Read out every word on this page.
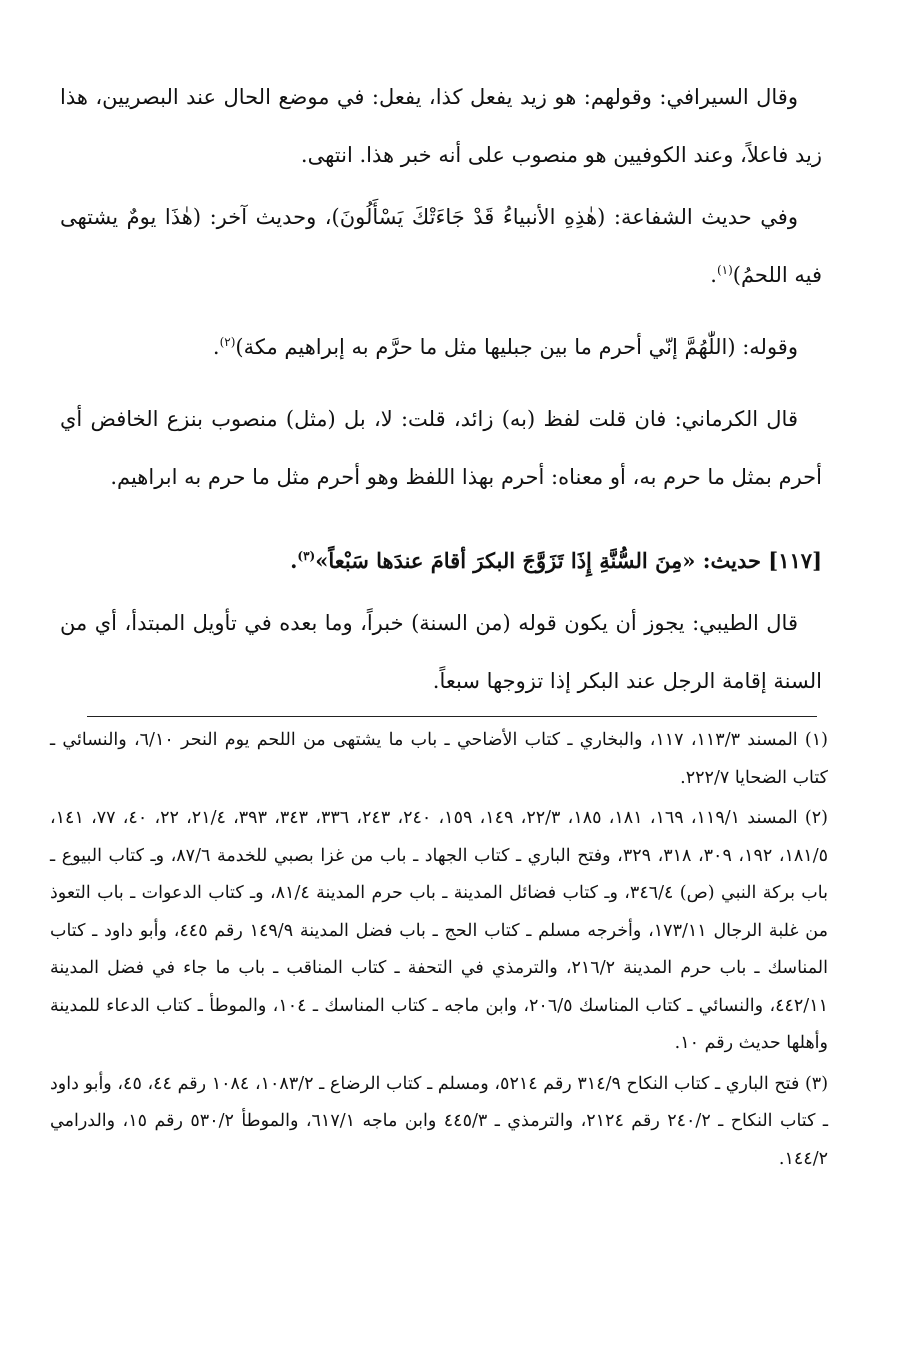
وقال السيرافي: وقولهم: هو زيد يفعل كذا، يفعل: في موضع الحال عند البصريين، هذا زيد فاعلاً، وعند الكوفيين هو منصوب على أنه خبر هذا. انتهى.

وفي حديث الشفاعة: (هٰذِهِ الأنبياءُ قَدْ جَاءَتْكَ يَسْأَلُونَ)، وحديث آخر: (هٰذَا يومٌ يشتهى فيه اللحمُ)$^{(١)}$.

وقوله: (اللّٰهُمَّ إنّي أحرم ما بين جبليها مثل ما حرَّم به إبراهيم مكة)$^{(٢)}$.

قال الكرماني: فان قلت لفظ (به) زائد، قلت: لا، بل (مثل) منصوب بنزع الخافض أي أحرم بمثل ما حرم به، أو معناه: أحرم بهذا اللفظ وهو أحرم مثل ما حرم به ابراهيم.

[١١٧] حديث: «مِنَ السُّنَّةِ إِذَا تَزَوَّجَ البكرَ أقامَ عندَها سَبْعاً»$^{(٣)}$.

قال الطيبي: يجوز أن يكون قوله (من السنة) خبراً، وما بعده في تأويل المبتدأ، أي من السنة إقامة الرجل عند البكر إذا تزوجها سبعاً.

(١) المسند ١١٣/٣، ١١٧، والبخاري ـ كتاب الأضاحي ـ باب ما يشتهى من اللحم يوم النحر ٦/١٠، والنسائي ـ كتاب الضحايا ٢٢٢/٧.

(٢) المسند ١١٩/١، ١٦٩، ١٨١، ١٨٥، ٢٢/٣، ١٤٩، ١٥٩، ٢٤٠، ٢٤٣، ٣٣٦، ٣٤٣، ٣٩٣، ٢١/٤، ٢٢، ٤٠، ٧٧، ١٤١، ١٨١/٥، ١٩٢، ٣٠٩، ٣١٨، ٣٢٩، وفتح الباري ـ كتاب الجهاد ـ باب من غزا بصبي للخدمة ٨٧/٦، وـ كتاب البيوع ـ باب بركة النبي (ص) ٣٤٦/٤، وـ كتاب فضائل المدينة ـ باب حرم المدينة ٨١/٤، وـ كتاب الدعوات ـ باب التعوذ من غلبة الرجال ١٧٣/١١، وأخرجه مسلم ـ كتاب الحج ـ باب فضل المدينة ١٤٩/٩ رقم ٤٤٥، وأبو داود ـ كتاب المناسك ـ باب حرم المدينة ٢١٦/٢، والترمذي في التحفة ـ كتاب المناقب ـ باب ما جاء في فضل المدينة ٤٤٢/١١، والنسائي ـ كتاب المناسك ٢٠٦/٥، وابن ماجه ـ كتاب المناسك ـ ١٠٤، والموطأ ـ كتاب الدعاء للمدينة وأهلها حديث رقم ١٠.

(٣) فتح الباري ـ كتاب النكاح ٣١٤/٩ رقم ٥٢١٤، ومسلم ـ كتاب الرضاع ـ ١٠٨٣/٢، ١٠٨٤ رقم ٤٤، ٤٥، وأبو داود ـ كتاب النكاح ـ ٢٤٠/٢ رقم ٢١٢٤، والترمذي ـ ٤٤٥/٣ وابن ماجه ٦١٧/١، والموطأ ٥٣٠/٢ رقم ١٥، والدرامي ١٤٤/٢.
